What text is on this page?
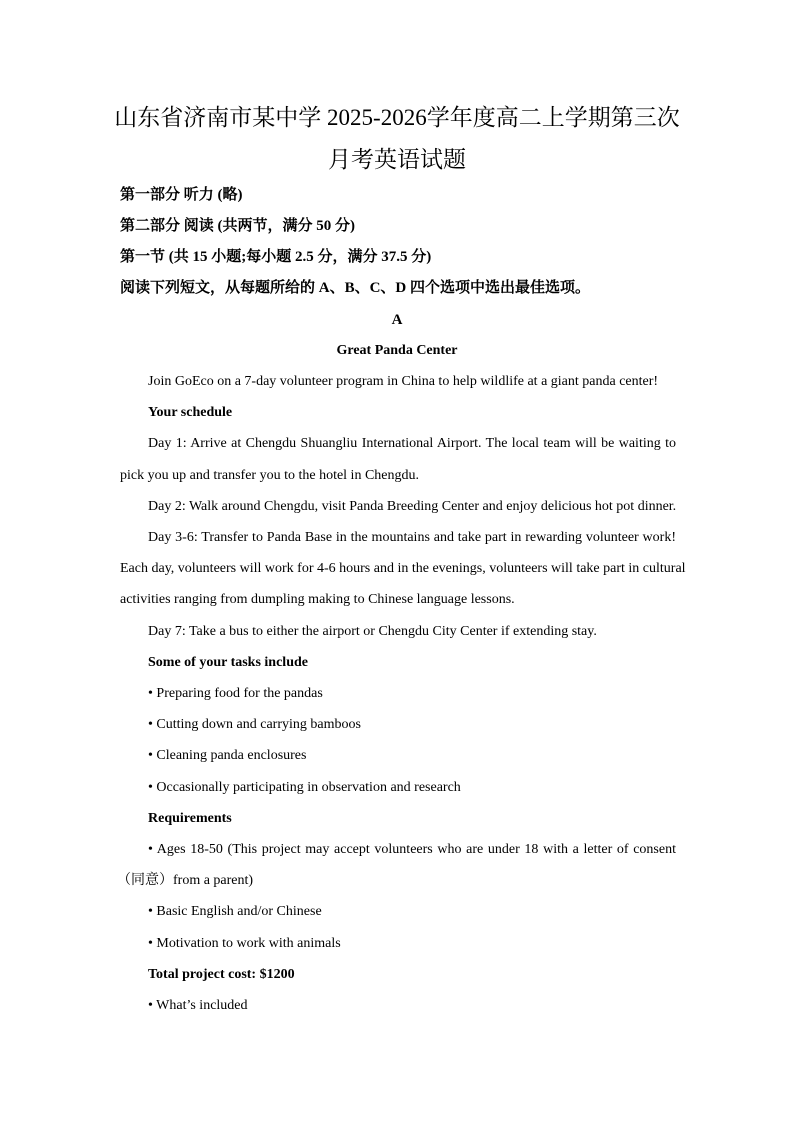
山东省济南市某中学 2025-2026学年度高二上学期第三次
月考英语试题
第一部分 听力 (略)
第二部分 阅读 (共两节，满分 50 分)
第一节 (共 15 小题;每小题 2.5 分，满分 37.5 分)
阅读下列短文，从每题所给的 A、B、C、D 四个选项中选出最佳选项。
A
Great Panda Center
Join GoEco on a 7-day volunteer program in China to help wildlife at a giant panda center!
Your schedule
Day 1: Arrive at Chengdu Shuangliu International Airport. The local team will be waiting to
pick you up and transfer you to the hotel in Chengdu.
Day 2: Walk around Chengdu, visit Panda Breeding Center and enjoy delicious hot pot dinner.
Day 3-6: Transfer to Panda Base in the mountains and take part in rewarding volunteer work!
Each day, volunteers will work for 4-6 hours and in the evenings, volunteers will take part in cultural
activities ranging from dumpling making to Chinese language lessons.
Day 7: Take a bus to either the airport or Chengdu City Center if extending stay.
Some of your tasks include
• Preparing food for the pandas
• Cutting down and carrying bamboos
• Cleaning panda enclosures
• Occasionally participating in observation and research
Requirements
• Ages 18-50 (This project may accept volunteers who are under 18 with a letter of consent
（同意）from a parent)
• Basic English and/or Chinese
• Motivation to work with animals
Total project cost: $1200
• What’s included
